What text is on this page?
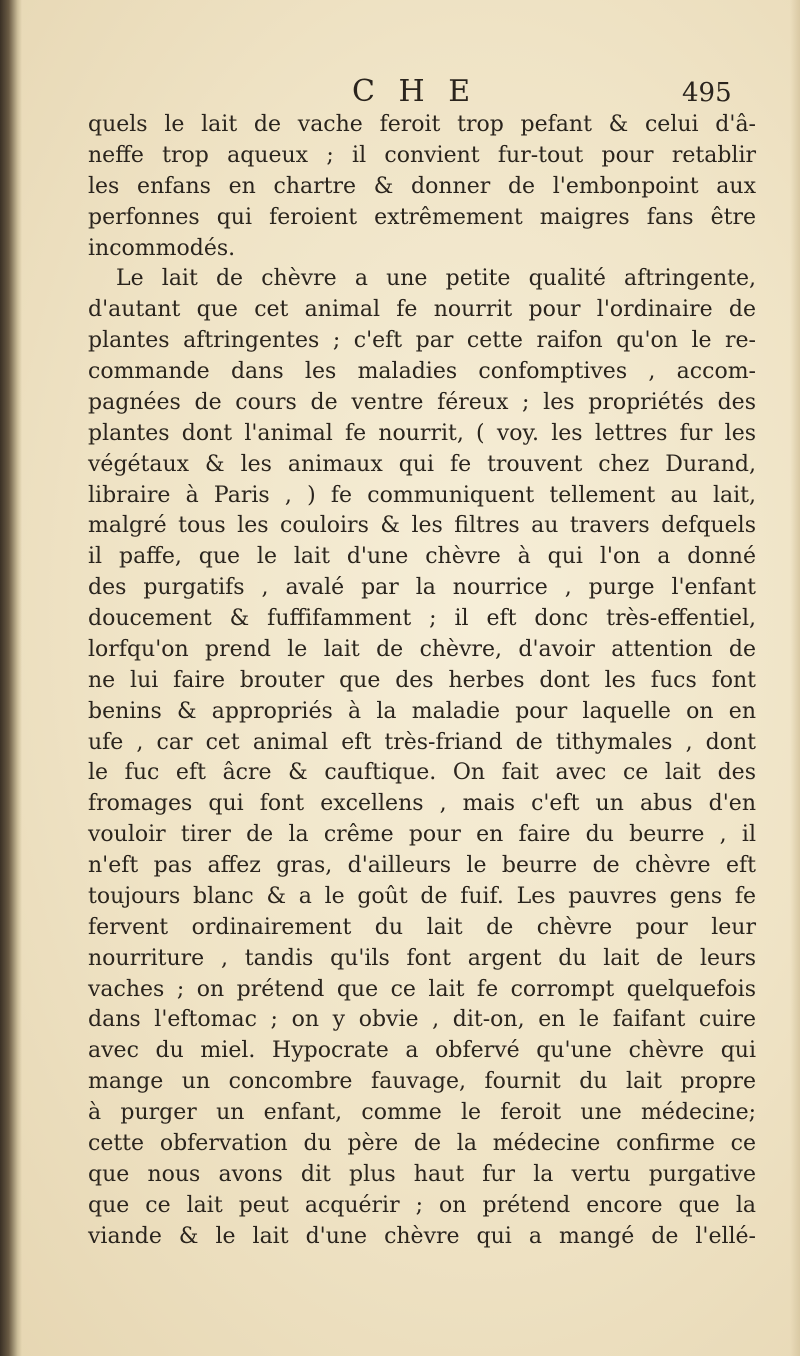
C H E	495
quels le lait de vache feroit trop pefant & celui d'â-
neffe trop aqueux ; il convient fur-tout pour retablir
les enfans en chartre & donner de l'embonpoint aux
perfonnes qui feroient extrêmement maigres fans être
incommodés.
Le lait de chèvre a une petite qualité aftringente,
d'autant que cet animal fe nourrit pour l'ordinaire de
plantes aftringentes ; c'eft par cette raifon qu'on le re-
commande dans les maladies confomptives , accom-
pagnées de cours de ventre féreux ; les propriétés des
plantes dont l'animal fe nourrit, ( voy. les lettres fur les
végétaux & les animaux qui fe trouvent chez Durand,
libraire à Paris , ) fe communiquent tellement au lait,
malgré tous les couloirs & les filtres au travers defquels
il paffe, que le lait d'une chèvre à qui l'on a donné
des purgatifs , avalé par la nourrice , purge l'enfant
doucement & fuffifamment ; il eft donc très-effentiel,
lorfqu'on prend le lait de chèvre, d'avoir attention de
ne lui faire brouter que des herbes dont les fucs font
benins & appropriés à la maladie pour laquelle on en
ufe , car cet animal eft très-friand de tithymales , dont
le fuc eft âcre & cauftique. On fait avec ce lait des
fromages qui font excellens , mais c'eft un abus d'en
vouloir tirer de la crême pour en faire du beurre , il
n'eft pas affez gras, d'ailleurs le beurre de chèvre eft
toujours blanc & a le goût de fuif. Les pauvres gens fe
fervent ordinairement du lait de chèvre pour leur
nourriture , tandis qu'ils font argent du lait de leurs
vaches ; on prétend que ce lait fe corrompt quelquefois
dans l'eftomac ; on y obvie , dit-on, en le faifant cuire
avec du miel. Hypocrate a obfervé qu'une chèvre qui
mange un concombre fauvage, fournit du lait propre
à purger un enfant, comme le feroit une médecine;
cette obfervation du père de la médecine confirme ce
que nous avons dit plus haut fur la vertu purgative
que ce lait peut acquérir ; on prétend encore que la
viande & le lait d'une chèvre qui a mangé de l'ellé-
